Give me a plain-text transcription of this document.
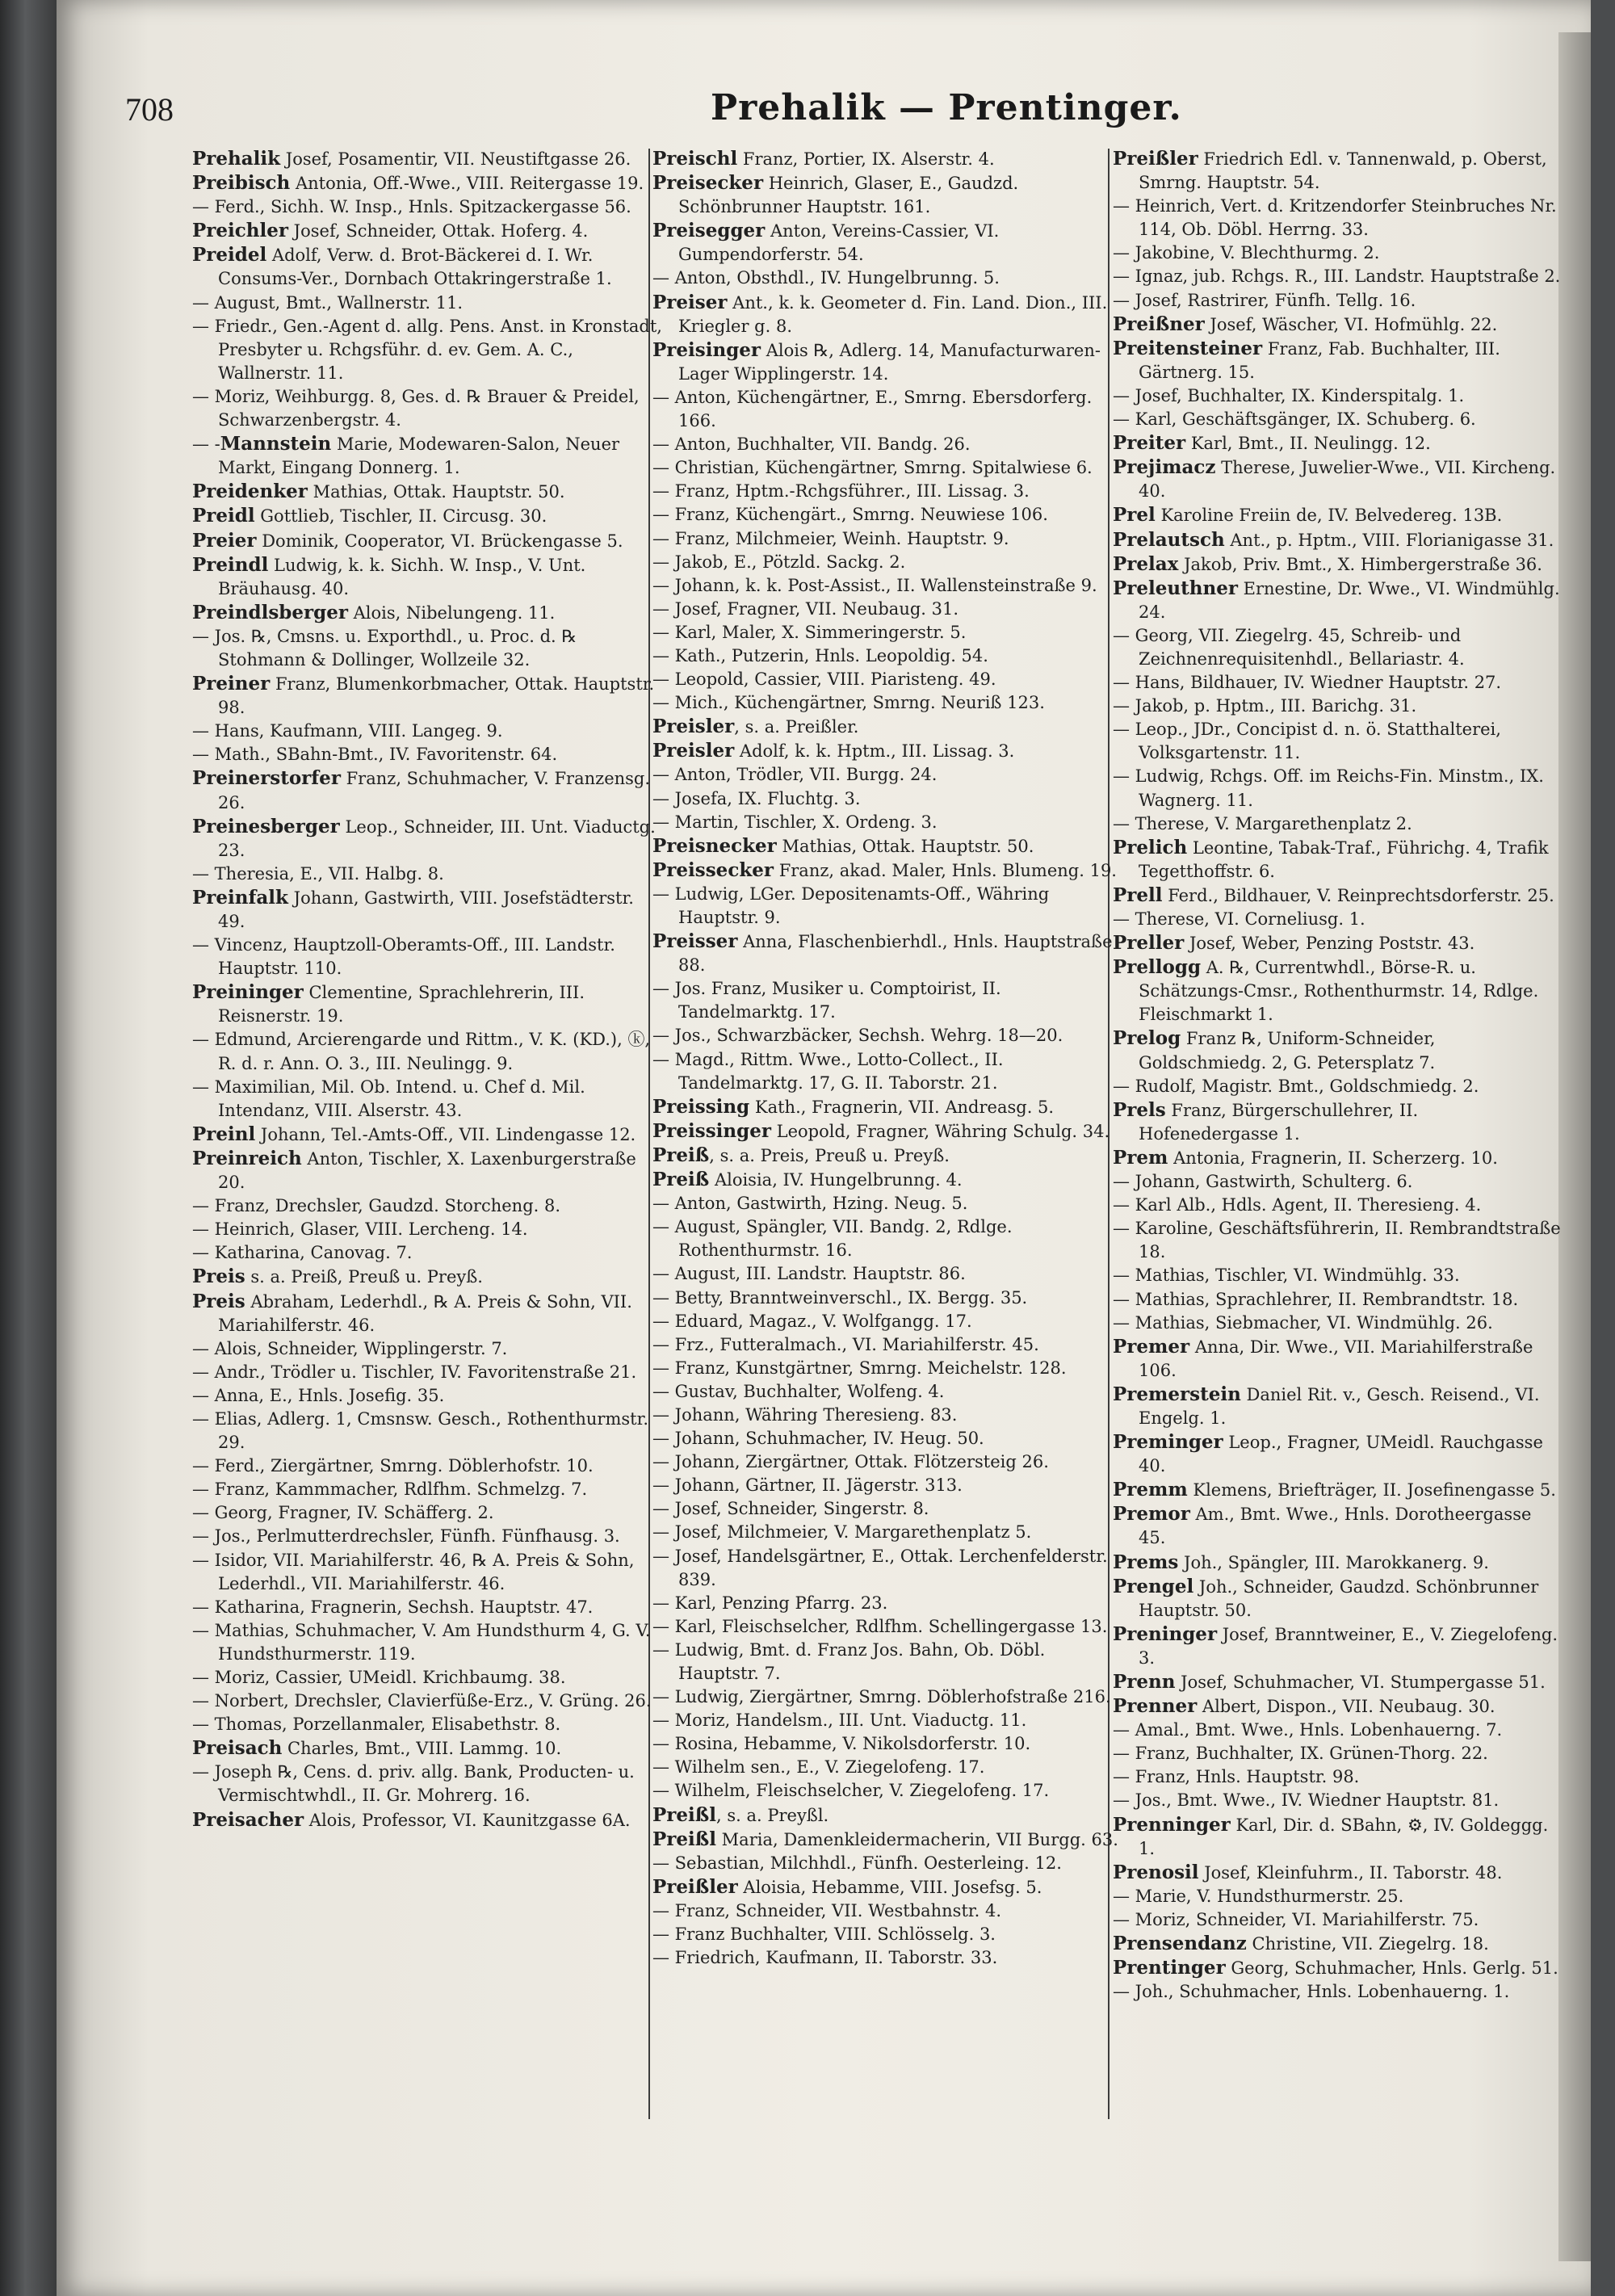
708	Prehalik — Prentinger.

Prehalik Josef, Posamentir, VII. Neustiftgasse 26.

Preibisch Antonia, Off.-Wwe., VIII. Reitergasse 19.

— Ferd., Sichh. W. Insp., Hnls. Spitzackergasse 56.

Preichler Josef, Schneider, Ottak. Hoferg. 4.

Preidel Adolf, Verw. d. Brot-Bäckerei d. I. Wr. Consums-Ver., Dornbach Ottakringerstraße 1.

— August, Bmt., Wallnerstr. 11.

— Friedr., Gen.-Agent d. allg. Pens. Anst. in Kronstadt, Presbyter u. Rchgsführ. d. ev. Gem. A. C., Wallnerstr. 11.

— Moriz, Weihburgg. 8, Ges. d. ℞ Brauer & Preidel, Schwarzenbergstr. 4.

— -Mannstein Marie, Modewaren-Salon, Neuer Markt, Eingang Donnerg. 1.

Preidenker Mathias, Ottak. Hauptstr. 50.

Preidl Gottlieb, Tischler, II. Circusg. 30.

Preier Dominik, Cooperator, VI. Brückengasse 5.

Preindl Ludwig, k. k. Sichh. W. Insp., V. Unt. Bräuhausg. 40.

Preindlsberger Alois, Nibelungeng. 11.

— Jos. ℞, Cmsns. u. Exporthdl., u. Proc. d. ℞ Stohmann & Dollinger, Wollzeile 32.

Preiner Franz, Blumenkorbmacher, Ottak. Hauptstr. 98.

— Hans, Kaufmann, VIII. Langeg. 9.

— Math., SBahn-Bmt., IV. Favoritenstr. 64.

Preinerstorfer Franz, Schuhmacher, V. Franzensg. 26.

Preinesberger Leop., Schneider, III. Unt. Viaductg. 23.

— Theresia, E., VII. Halbg. 8.

Preinfalk Johann, Gastwirth, VIII. Josefstädterstr. 49.

— Vincenz, Hauptzoll-Oberamts-Off., III. Landstr. Hauptstr. 110.

Preininger Clementine, Sprachlehrerin, III. Reisnerstr. 19.

— Edmund, Arcierengarde und Rittm., V. K. (KD.), ⓚ, R. d. r. Ann. O. 3., III. Neulingg. 9.

— Maximilian, Mil. Ob. Intend. u. Chef d. Mil. Intendanz, VIII. Alserstr. 43.

Preinl Johann, Tel.-Amts-Off., VII. Lindengasse 12.

Preinreich Anton, Tischler, X. Laxenburgerstraße 20.

— Franz, Drechsler, Gaudzd. Storcheng. 8.

— Heinrich, Glaser, VIII. Lercheng. 14.

— Katharina, Canovag. 7.

Preis s. a. Preiß, Preuß u. Preyß.

Preis Abraham, Lederhdl., ℞ A. Preis & Sohn, VII. Mariahilferstr. 46.

— Alois, Schneider, Wipplingerstr. 7.

— Andr., Trödler u. Tischler, IV. Favoritenstraße 21.

— Anna, E., Hnls. Josefig. 35.

— Elias, Adlerg. 1, Cmsnsw. Gesch., Rothenthurmstr. 29.

— Ferd., Ziergärtner, Smrng. Döblerhofstr. 10.

— Franz, Kammmacher, Rdlfhm. Schmelzg. 7.

— Georg, Fragner, IV. Schäfferg. 2.

— Jos., Perlmutterdrechsler, Fünfh. Fünfhausg. 3.

— Isidor, VII. Mariahilferstr. 46, ℞ A. Preis & Sohn, Lederhdl., VII. Mariahilferstr. 46.

— Katharina, Fragnerin, Sechsh. Hauptstr. 47.

— Mathias, Schuhmacher, V. Am Hundsthurm 4, G. V. Hundsthurmerstr. 119.

— Moriz, Cassier, UMeidl. Krichbaumg. 38.

— Norbert, Drechsler, Clavierfüße-Erz., V. Grüng. 26.

— Thomas, Porzellanmaler, Elisabethstr. 8.

Preisach Charles, Bmt., VIII. Lammg. 10.

— Joseph ℞, Cens. d. priv. allg. Bank, Producten- u. Vermischtwhdl., II. Gr. Mohrerg. 16.

Preisacher Alois, Professor, VI. Kaunitzgasse 6A.

Preischl Franz, Portier, IX. Alserstr. 4.

Preisecker Heinrich, Glaser, E., Gaudzd. Schönbrunner Hauptstr. 161.

Preisegger Anton, Vereins-Cassier, VI. Gumpendorferstr. 54.

— Anton, Obsthdl., IV. Hungelbrunng. 5.

Preiser Ant., k. k. Geometer d. Fin. Land. Dion., III. Kriegler g. 8.

Preisinger Alois ℞, Adlerg. 14, Manufacturwaren-Lager Wipplingerstr. 14.

— Anton, Küchengärtner, E., Smrng. Ebersdorferg. 166.

— Anton, Buchhalter, VII. Bandg. 26.

— Christian, Küchengärtner, Smrng. Spitalwiese 6.

— Franz, Hptm.-Rchgsführer., III. Lissag. 3.

— Franz, Küchengärt., Smrng. Neuwiese 106.

— Franz, Milchmeier, Weinh. Hauptstr. 9.

— Jakob, E., Pötzld. Sackg. 2.

— Johann, k. k. Post-Assist., II. Wallensteinstraße 9.

— Josef, Fragner, VII. Neubaug. 31.

— Karl, Maler, X. Simmeringerstr. 5.

— Kath., Putzerin, Hnls. Leopoldig. 54.

— Leopold, Cassier, VIII. Piaristeng. 49.

— Mich., Küchengärtner, Smrng. Neuriß 123.

Preisler, s. a. Preißler.

Preisler Adolf, k. k. Hptm., III. Lissag. 3.

— Anton, Trödler, VII. Burgg. 24.

— Josefa, IX. Fluchtg. 3.

— Martin, Tischler, X. Ordeng. 3.

Preisnecker Mathias, Ottak. Hauptstr. 50.

Preissecker Franz, akad. Maler, Hnls. Blumeng. 19.

— Ludwig, LGer. Depositenamts-Off., Währing Hauptstr. 9.

Preisser Anna, Flaschenbierhdl., Hnls. Hauptstraße 88.

— Jos. Franz, Musiker u. Comptoirist, II. Tandelmarktg. 17.

— Jos., Schwarzbäcker, Sechsh. Wehrg. 18—20.

— Magd., Rittm. Wwe., Lotto-Collect., II. Tandelmarktg. 17, G. II. Taborstr. 21.

Preissing Kath., Fragnerin, VII. Andreasg. 5.

Preissinger Leopold, Fragner, Währing Schulg. 34.

Preiß, s. a. Preis, Preuß u. Preyß.

Preiß Aloisia, IV. Hungelbrunng. 4.

— Anton, Gastwirth, Hzing. Neug. 5.

— August, Spängler, VII. Bandg. 2, Rdlge. Rothenthurmstr. 16.

— August, III. Landstr. Hauptstr. 86.

— Betty, Branntweinverschl., IX. Bergg. 35.

— Eduard, Magaz., V. Wolfgangg. 17.

— Frz., Futteralmach., VI. Mariahilferstr. 45.

— Franz, Kunstgärtner, Smrng. Meichelstr. 128.

— Gustav, Buchhalter, Wolfeng. 4.

— Johann, Währing Theresieng. 83.

— Johann, Schuhmacher, IV. Heug. 50.

— Johann, Ziergärtner, Ottak. Flötzersteig 26.

— Johann, Gärtner, II. Jägerstr. 313.

— Josef, Schneider, Singerstr. 8.

— Josef, Milchmeier, V. Margarethenplatz 5.

— Josef, Handelsgärtner, E., Ottak. Lerchenfelderstr. 839.

— Karl, Penzing Pfarrg. 23.

— Karl, Fleischselcher, Rdlfhm. Schellingergasse 13.

— Ludwig, Bmt. d. Franz Jos. Bahn, Ob. Döbl. Hauptstr. 7.

— Ludwig, Ziergärtner, Smrng. Döblerhofstraße 216.

— Moriz, Handelsm., III. Unt. Viaductg. 11.

— Rosina, Hebamme, V. Nikolsdorferstr. 10.

— Wilhelm sen., E., V. Ziegelofeng. 17.

— Wilhelm, Fleischselcher, V. Ziegelofeng. 17.

Preißl, s. a. Preyßl.

Preißl Maria, Damenkleidermacherin, VII Burgg. 63.

— Sebastian, Milchhdl., Fünfh. Oesterleing. 12.

Preißler Aloisia, Hebamme, VIII. Josefsg. 5.

— Franz, Schneider, VII. Westbahnstr. 4.

— Franz Buchhalter, VIII. Schlösselg. 3.

— Friedrich, Kaufmann, II. Taborstr. 33.

Preißler Friedrich Edl. v. Tannenwald, p. Oberst, Smrng. Hauptstr. 54.

— Heinrich, Vert. d. Kritzendorfer Steinbruches Nr. 114, Ob. Döbl. Herrng. 33.

— Jakobine, V. Blechthurmg. 2.

— Ignaz, jub. Rchgs. R., III. Landstr. Hauptstraße 2.

— Josef, Rastrirer, Fünfh. Tellg. 16.

Preißner Josef, Wäscher, VI. Hofmühlg. 22.

Preitensteiner Franz, Fab. Buchhalter, III. Gärtnerg. 15.

— Josef, Buchhalter, IX. Kinderspitalg. 1.

— Karl, Geschäftsgänger, IX. Schuberg. 6.

Preiter Karl, Bmt., II. Neulingg. 12.

Prejimacz Therese, Juwelier-Wwe., VII. Kircheng. 40.

Prel Karoline Freiin de, IV. Belvedereg. 13B.

Prelautsch Ant., p. Hptm., VIII. Florianigasse 31.

Prelax Jakob, Priv. Bmt., X. Himbergerstraße 36.

Preleuthner Ernestine, Dr. Wwe., VI. Windmühlg. 24.

— Georg, VII. Ziegelrg. 45, Schreib- und Zeichnenrequisitenhdl., Bellariastr. 4.

— Hans, Bildhauer, IV. Wiedner Hauptstr. 27.

— Jakob, p. Hptm., III. Barichg. 31.

— Leop., JDr., Concipist d. n. ö. Statthalterei, Volksgartenstr. 11.

— Ludwig, Rchgs. Off. im Reichs-Fin. Minstm., IX. Wagnerg. 11.

— Therese, V. Margarethenplatz 2.

Prelich Leontine, Tabak-Traf., Führichg. 4, Trafik Tegetthoffstr. 6.

Prell Ferd., Bildhauer, V. Reinprechtsdorferstr. 25.

— Therese, VI. Corneliusg. 1.

Preller Josef, Weber, Penzing Poststr. 43.

Prellogg A. ℞, Currentwhdl., Börse-R. u. Schätzungs-Cmsr., Rothenthurmstr. 14, Rdlge. Fleischmarkt 1.

Prelog Franz ℞, Uniform-Schneider, Goldschmiedg. 2, G. Petersplatz 7.

— Rudolf, Magistr. Bmt., Goldschmiedg. 2.

Prels Franz, Bürgerschullehrer, II. Hofenedergasse 1.

Prem Antonia, Fragnerin, II. Scherzerg. 10.

— Johann, Gastwirth, Schulterg. 6.

— Karl Alb., Hdls. Agent, II. Theresieng. 4.

— Karoline, Geschäftsführerin, II. Rembrandtstraße 18.

— Mathias, Tischler, VI. Windmühlg. 33.

— Mathias, Sprachlehrer, II. Rembrandtstr. 18.

— Mathias, Siebmacher, VI. Windmühlg. 26.

Premer Anna, Dir. Wwe., VII. Mariahilferstraße 106.

Premerstein Daniel Rit. v., Gesch. Reisend., VI. Engelg. 1.

Preminger Leop., Fragner, UMeidl. Rauchgasse 40.

Premm Klemens, Briefträger, II. Josefinengasse 5.

Premor Am., Bmt. Wwe., Hnls. Dorotheergasse 45.

Prems Joh., Spängler, III. Marokkanerg. 9.

Prengel Joh., Schneider, Gaudzd. Schönbrunner Hauptstr. 50.

Preninger Josef, Branntweiner, E., V. Ziegelofeng. 3.

Prenn Josef, Schuhmacher, VI. Stumpergasse 51.

Prenner Albert, Dispon., VII. Neubaug. 30.

— Amal., Bmt. Wwe., Hnls. Lobenhauerng. 7.

— Franz, Buchhalter, IX. Grünen-Thorg. 22.

— Franz, Hnls. Hauptstr. 98.

— Jos., Bmt. Wwe., IV. Wiedner Hauptstr. 81.

Prenninger Karl, Dir. d. SBahn, ⚙, IV. Goldeggg. 1.

Prenosil Josef, Kleinfuhrm., II. Taborstr. 48.

— Marie, V. Hundsthurmerstr. 25.

— Moriz, Schneider, VI. Mariahilferstr. 75.

Prensendanz Christine, VII. Ziegelrg. 18.

Prentinger Georg, Schuhmacher, Hnls. Gerlg. 51.

— Joh., Schuhmacher, Hnls. Lobenhauerng. 1.
